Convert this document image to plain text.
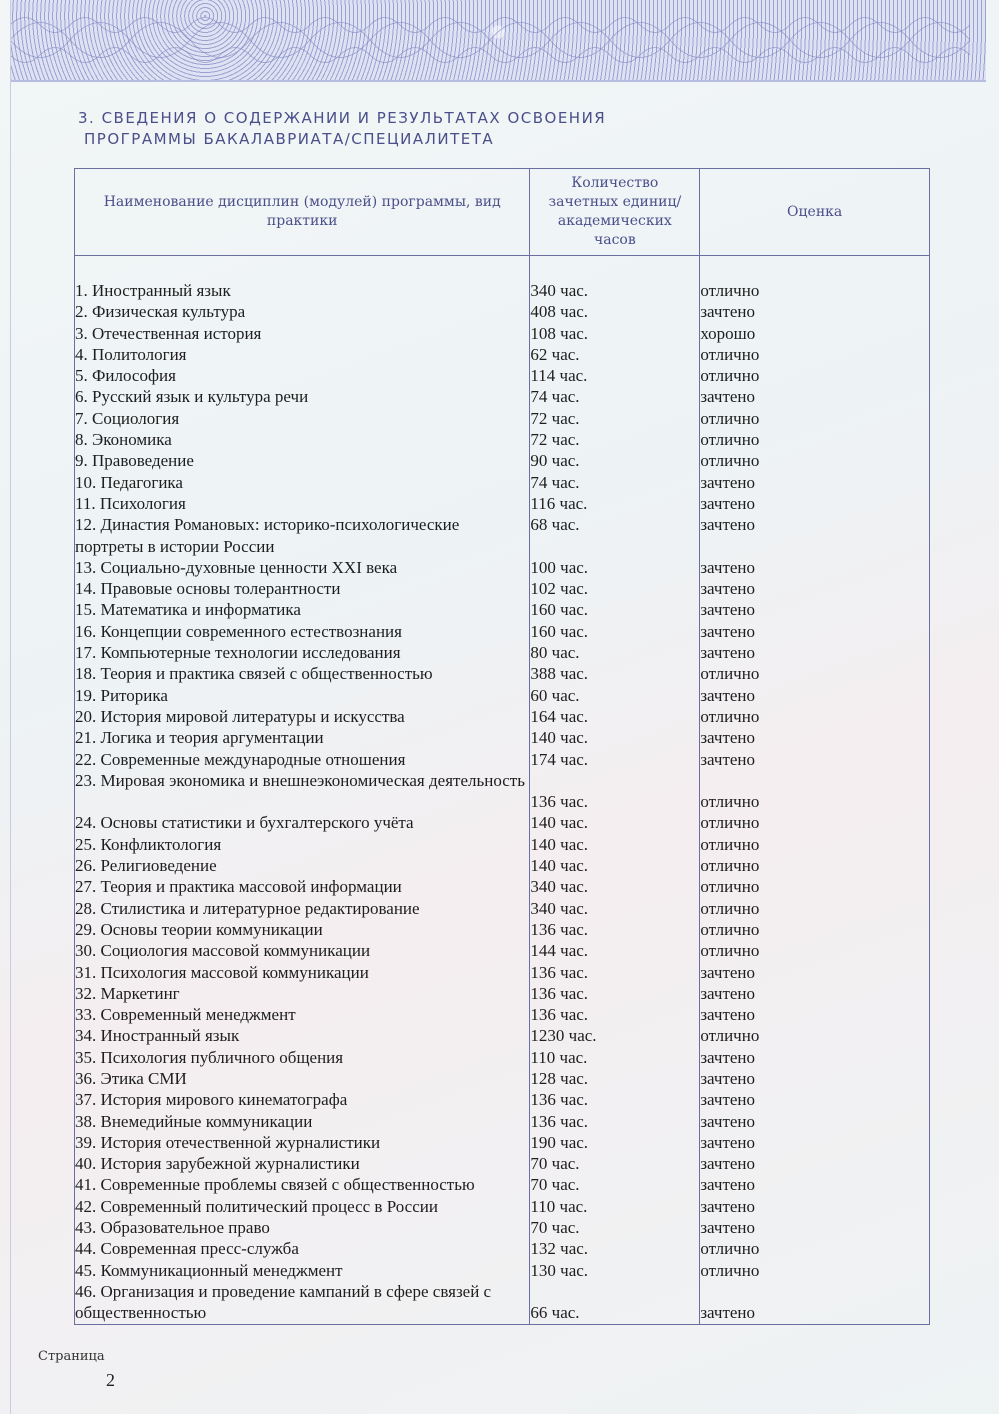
3. СВЕДЕНИЯ О СОДЕРЖАНИИ И РЕЗУЛЬТАТАХ ОСВОЕНИЯ
ПРОГРАММЫ БАКАЛАВРИАТА/СПЕЦИАЛИТЕТА
Наименование дисциплин (модулей) программы, вид практики	Количество зачетных единиц/ академических часов	Оценка

1. Иностранный язык	340 час.	отлично
2. Физическая культура	408 час.	зачтено
3. Отечественная история	108 час.	хорошо
4. Политология	62 час.	отлично
5. Философия	114 час.	отлично
6. Русский язык и культура речи	74 час.	зачтено
7. Социология	72 час.	отлично
8. Экономика	72 час.	отлично
9. Правоведение	90 час.	отлично
10. Педагогика	74 час.	зачтено
11. Психология	116 час.	зачтено
12. Династия Романовых: историко-психологические портреты в истории России	68 час.	зачтено
13. Социально-духовные ценности XXI века	100 час.	зачтено
14. Правовые основы толерантности	102 час.	зачтено
15. Математика и информатика	160 час.	зачтено
16. Концепции современного естествознания	160 час.	зачтено
17. Компьютерные технологии исследования	80 час.	зачтено
18. Теория и практика связей с общественностью	388 час.	отлично
19. Риторика	60 час.	зачтено
20. История мировой литературы и искусства	164 час.	отлично
21. Логика и теория аргументации	140 час.	зачтено
22. Современные международные отношения	174 час.	зачтено
23. Мировая экономика и внешнеэкономическая деятельность	136 час.	отлично
24. Основы статистики и бухгалтерского учёта	140 час.	отлично
25. Конфликтология	140 час.	отлично
26. Религиоведение	140 час.	отлично
27. Теория и практика массовой информации	340 час.	отлично
28. Стилистика и литературное редактирование	340 час.	отлично
29. Основы теории коммуникации	136 час.	отлично
30. Социология массовой коммуникации	144 час.	отлично
31. Психология массовой коммуникации	136 час.	зачтено
32. Маркетинг	136 час.	зачтено
33. Современный менеджмент	136 час.	зачтено
34. Иностранный язык	1230 час.	отлично
35. Психология публичного общения	110 час.	зачтено
36. Этика СМИ	128 час.	зачтено
37. История мирового кинематографа	136 час.	зачтено
38. Внемедийные коммуникации	136 час.	зачтено
39. История отечественной журналистики	190 час.	зачтено
40. История зарубежной журналистики	70 час.	зачтено
41. Современные проблемы связей с общественностью	70 час.	зачтено
42. Современный политический процесс в России	110 час.	зачтено
43. Образовательное право	70 час.	зачтено
44. Современная пресс-служба	132 час.	отлично
45. Коммуникационный менеджмент	130 час.	отлично
46. Организация и проведение кампаний в сфере связей с общественностью	66 час.	зачтено
Страница
2
